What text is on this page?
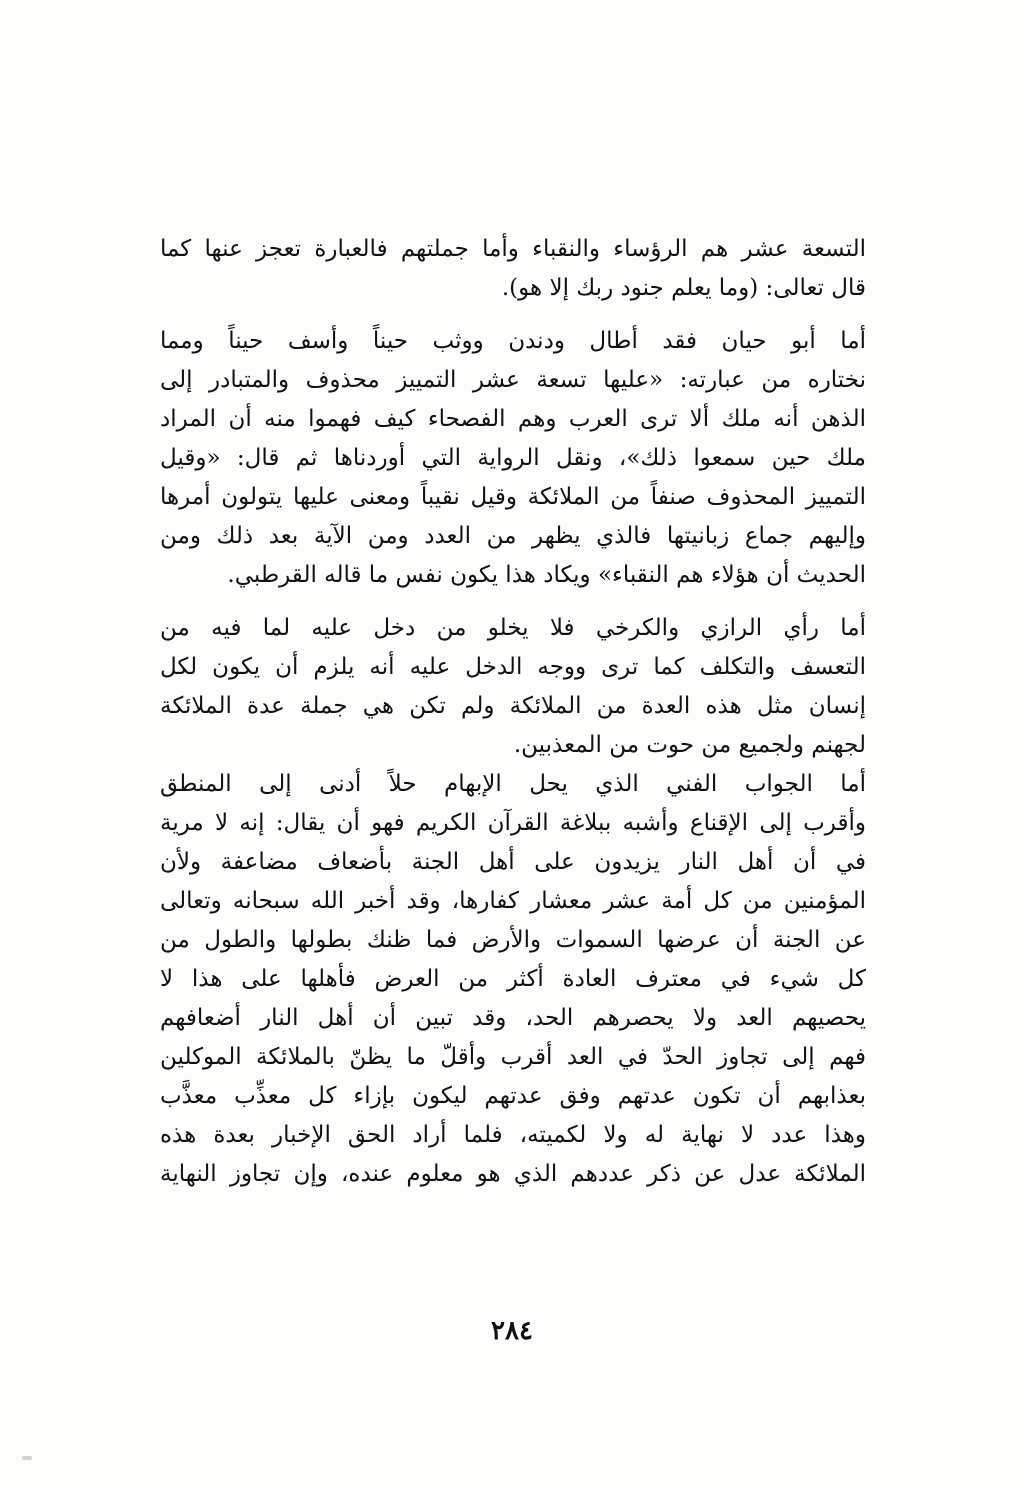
التسعة عشر هم الرؤساء والنقباء وأما جملتهم فالعبارة تعجز عنها كما
قال تعالى: (وما يعلم جنود ربك إلا هو).
أما أبو حيان فقد أطال ودندن ووثب حيناً وأسف حيناً ومما
نختاره من عبارته: «عليها تسعة عشر التمييز محذوف والمتبادر إلى
الذهن أنه ملك ألا ترى العرب وهم الفصحاء كيف فهموا منه أن المراد
ملك حين سمعوا ذلك»، ونقل الرواية التي أوردناها ثم قال: «وقيل
التمييز المحذوف صنفاً من الملائكة وقيل نقيباً ومعنى عليها يتولون أمرها
وإليهم جماع زبانيتها فالذي يظهر من العدد ومن الآية بعد ذلك ومن
الحديث أن هؤلاء هم النقباء» ويكاد هذا يكون نفس ما قاله القرطبي.
أما رأي الرازي والكرخي فلا يخلو من دخل عليه لما فيه من
التعسف والتكلف كما ترى ووجه الدخل عليه أنه يلزم أن يكون لكل
إنسان مثل هذه العدة من الملائكة ولم تكن هي جملة عدة الملائكة
لجهنم ولجميع من حوت من المعذبين.
أما الجواب الفني الذي يحل الإبهام حلاً أدنى إلى المنطق
وأقرب إلى الإقناع وأشبه ببلاغة القرآن الكريم فهو أن يقال: إنه لا مرية
في أن أهل النار يزيدون على أهل الجنة بأضعاف مضاعفة ولأن
المؤمنين من كل أمة عشر معشار كفارها، وقد أخبر الله سبحانه وتعالى
عن الجنة أن عرضها السموات والأرض فما ظنك بطولها والطول من
كل شيء في معترف العادة أكثر من العرض فأهلها على هذا لا
يحصيهم العد ولا يحصرهم الحد، وقد تبين أن أهل النار أضعافهم
فهم إلى تجاوز الحدّ في العد أقرب وأقلّ ما يظنّ بالملائكة الموكلين
بعذابهم أن تكون عدتهم وفق عدتهم ليكون بإزاء كل معذِّب معذَّب
وهذا عدد لا نهاية له ولا لكميته، فلما أراد الحق الإخبار بعدة هذه
الملائكة عدل عن ذكر عددهم الذي هو معلوم عنده، وإن تجاوز النهاية
٢٨٤
